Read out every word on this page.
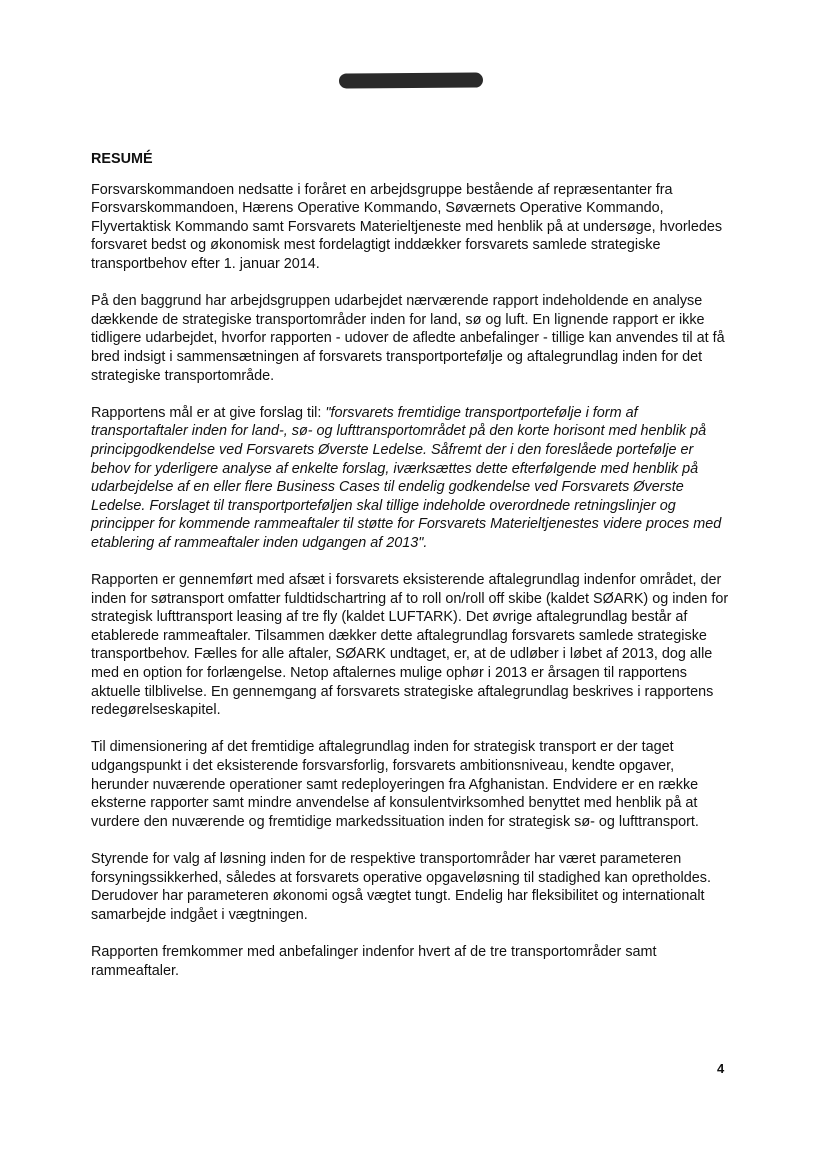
RESUMÉ

Forsvarskommandoen nedsatte i foråret en arbejdsgruppe bestående af repræsentanter fra Forsvarskommandoen, Hærens Operative Kommando, Søværnets Operative Kommando, Flyvertaktisk Kommando samt Forsvarets Materieltjeneste med henblik på at undersøge, hvorledes forsvaret bedst og økonomisk mest fordelagtigt inddækker forsvarets samlede strategiske transportbehov efter 1. januar 2014.

På den baggrund har arbejdsgruppen udarbejdet nærværende rapport indeholdende en analyse dækkende de strategiske transportområder inden for land, sø og luft. En lignende rapport er ikke tidligere udarbejdet, hvorfor rapporten - udover de afledte anbefalinger - tillige kan anvendes til at få bred indsigt i sammensætningen af forsvarets transportportefølje og aftalegrundlag inden for det strategiske transportområde.

Rapportens mål er at give forslag til: "forsvarets fremtidige transportportefølje i form af transportaftaler inden for land-, sø- og lufttransportområdet på den korte horisont med henblik på principgodkendelse ved Forsvarets Øverste Ledelse. Såfremt der i den foreslåede portefølje er behov for yderligere analyse af enkelte forslag, iværksættes dette efterfølgende med henblik på udarbejdelse af en eller flere Business Cases til endelig godkendelse ved Forsvarets Øverste Ledelse. Forslaget til transportporteføljen skal tillige indeholde overordnede retningslinjer og principper for kommende rammeaftaler til støtte for Forsvarets Materieltjenestes videre proces med etablering af rammeaftaler inden udgangen af 2013".

Rapporten er gennemført med afsæt i forsvarets eksisterende aftalegrundlag indenfor området, der inden for søtransport omfatter fuldtidschartring af to roll on/roll off skibe (kaldet SØARK) og inden for strategisk lufttransport leasing af tre fly (kaldet LUFTARK). Det øvrige aftalegrundlag består af etablerede rammeaftaler. Tilsammen dækker dette aftalegrundlag forsvarets samlede strategiske transportbehov. Fælles for alle aftaler, SØARK undtaget, er, at de udløber i løbet af 2013, dog alle med en option for forlængelse. Netop aftalernes mulige ophør i 2013 er årsagen til rapportens aktuelle tilblivelse. En gennemgang af forsvarets strategiske aftalegrundlag beskrives i rapportens redegørelseskapitel.

Til dimensionering af det fremtidige aftalegrundlag inden for strategisk transport er der taget udgangspunkt i det eksisterende forsvarsforlig, forsvarets ambitionsniveau, kendte opgaver, herunder nuværende operationer samt redeployeringen fra Afghanistan. Endvidere er en række eksterne rapporter samt mindre anvendelse af konsulentvirksomhed benyttet med henblik på at vurdere den nuværende og fremtidige markedssituation inden for strategisk sø- og lufttransport.

Styrende for valg af løsning inden for de respektive transportområder har været parameteren forsyningssikkerhed, således at forsvarets operative opgaveløsning til stadighed kan opretholdes. Derudover har parameteren økonomi også vægtet tungt. Endelig har fleksibilitet og internationalt samarbejde indgået i vægtningen.

Rapporten fremkommer med anbefalinger indenfor hvert af de tre transportområder samt rammeaftaler.

4
